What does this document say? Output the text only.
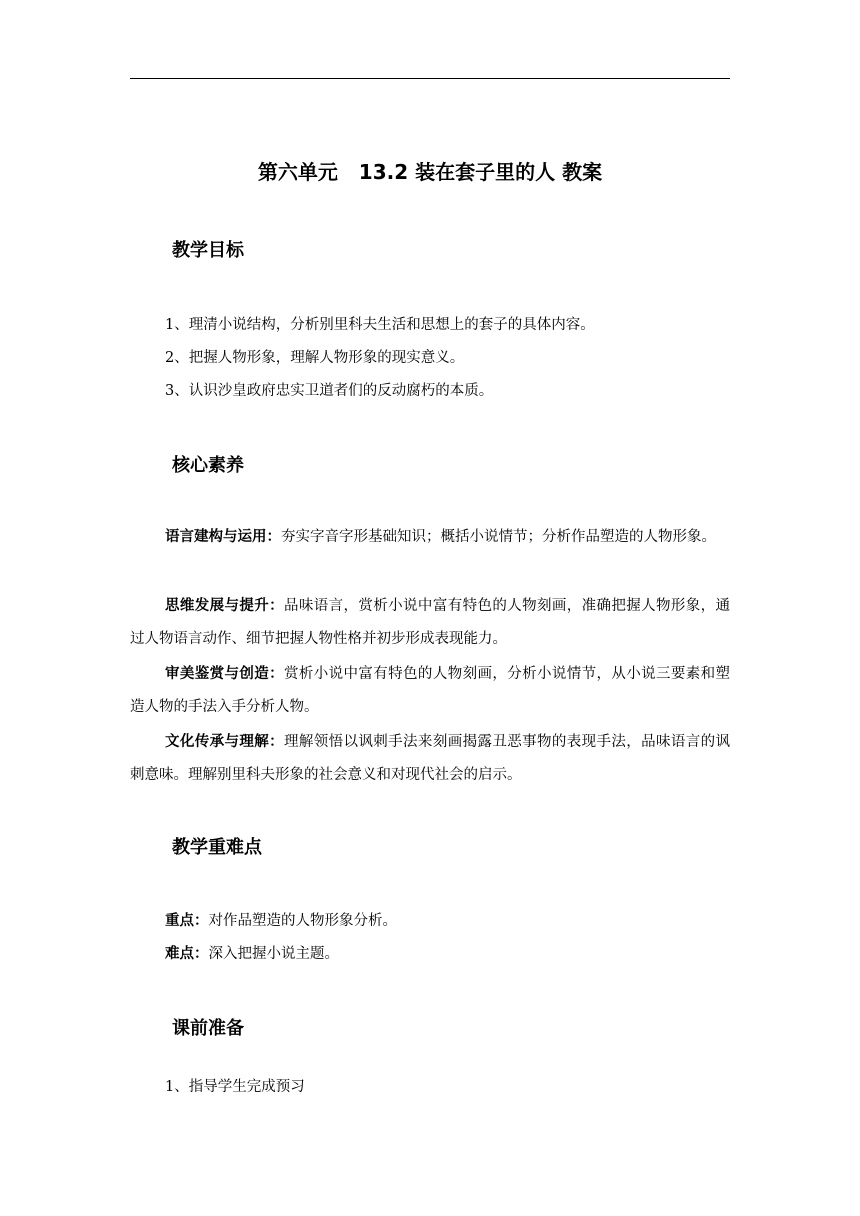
第六单元   13.2 装在套子里的人 教案
教学目标
1、理清小说结构，分析别里科夫生活和思想上的套子的具体内容。
2、把握人物形象，理解人物形象的现实意义。
3、认识沙皇政府忠实卫道者们的反动腐朽的本质。
核心素养
语言建构与运用：夯实字音字形基础知识；概括小说情节；分析作品塑造的人物形象。
思维发展与提升：品味语言，赏析小说中富有特色的人物刻画，准确把握人物形象，通过人物语言动作、细节把握人物性格并初步形成表现能力。
审美鉴赏与创造：赏析小说中富有特色的人物刻画，分析小说情节，从小说三要素和塑造人物的手法入手分析人物。
文化传承与理解：理解领悟以讽刺手法来刻画揭露丑恶事物的表现手法，品味语言的讽刺意味。理解别里科夫形象的社会意义和对现代社会的启示。
教学重难点
重点：对作品塑造的人物形象分析。
难点：深入把握小说主题。
课前准备
1、指导学生完成预习
